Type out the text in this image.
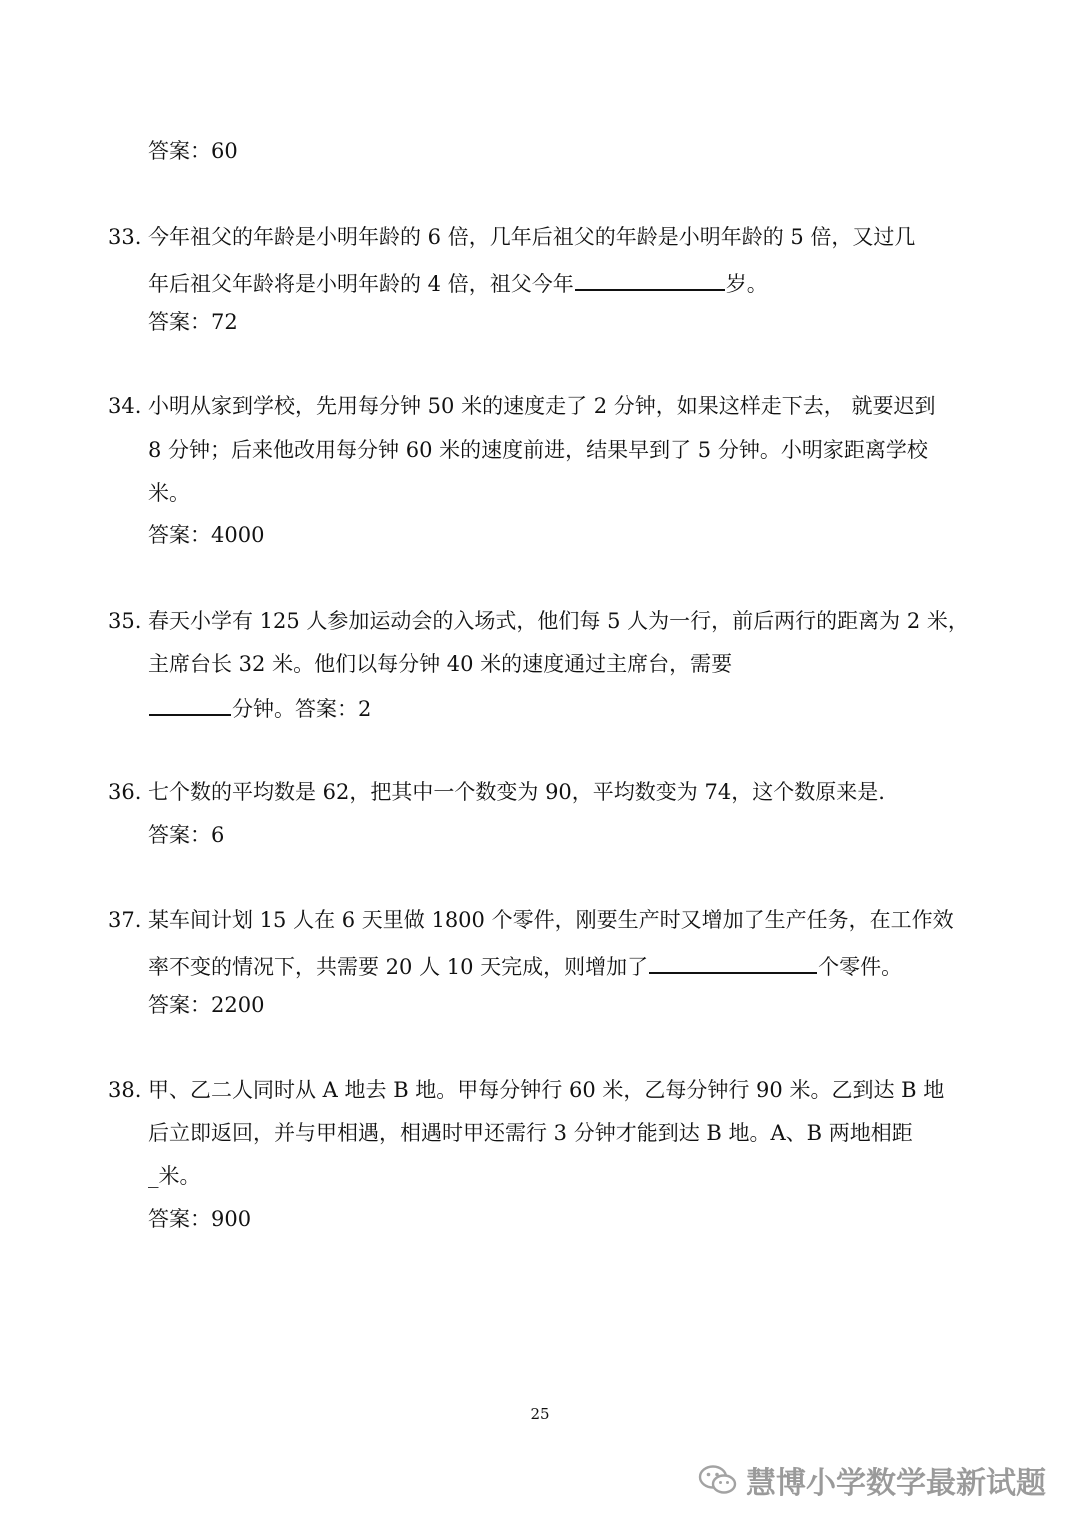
答案：60
33. 今年祖父的年龄是小明年龄的 6 倍，几年后祖父的年龄是小明年龄的 5 倍，又过几
年后祖父年龄将是小明年龄的 4 倍，祖父今年	岁。
答案：72
34. 小明从家到学校，先用每分钟 50 米的速度走了 2 分钟，如果这样走下去， 就要迟到
8 分钟；后来他改用每分钟 60 米的速度前进，结果早到了 5 分钟。小明家距离学校
米。
答案：4000
35. 春天小学有 125 人参加运动会的入场式，他们每 5 人为一行，前后两行的距离为 2 米，
主席台长 32 米。他们以每分钟 40 米的速度通过主席台，需要
分钟。答案：2
36. 七个数的平均数是 62，把其中一个数变为 90，平均数变为 74，这个数原来是.
答案：6
37. 某车间计划 15 人在 6 天里做 1800 个零件，刚要生产时又增加了生产任务，在工作效
率不变的情况下，共需要 20 人 10 天完成，则增加了	个零件。
答案：2200
38. 甲、乙二人同时从 A 地去 B 地。甲每分钟行 60 米，乙每分钟行 90 米。乙到达 B 地
后立即返回，并与甲相遇，相遇时甲还需行 3 分钟才能到达 B 地。A、B 两地相距
_米。
答案：900
25
慧博小学数学最新试题
